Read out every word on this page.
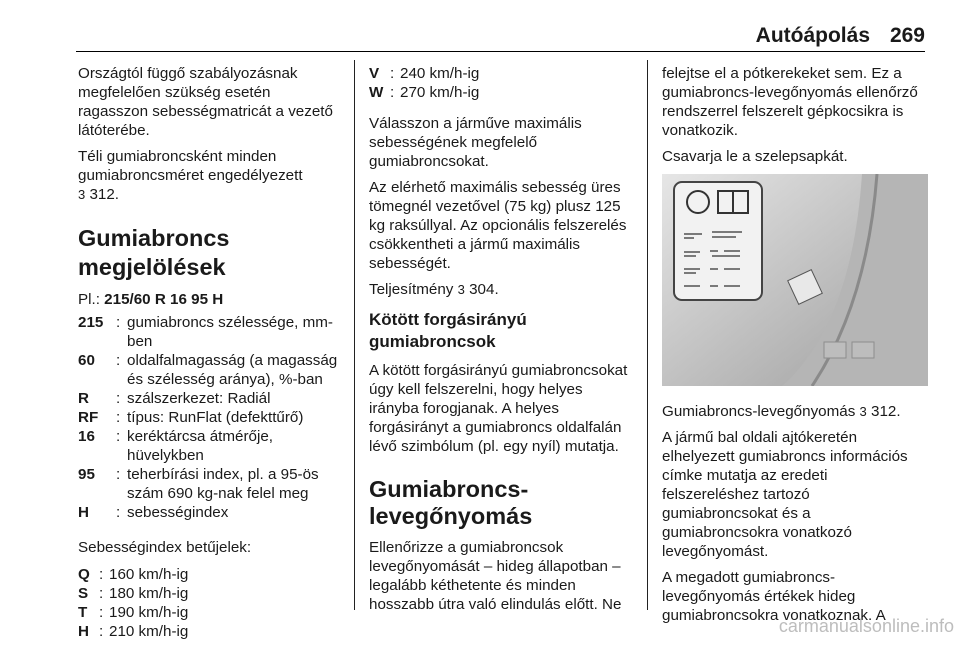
Autóápolás 269

Országtól függő szabályozásnak megfelelően szükség esetén ragasszon sebességmatricát a vezető látóterébe.

Téli gumiabroncsként minden gumiabroncsméret engedélyezett
3 312.

Gumiabroncs megjelölések

Pl.: 215/60 R 16 95 H

215 : gumiabroncs szélessége, mm-ben
60	: oldalfalmagasság (a magasság és szélesség aránya), %-ban
R	: szálszerkezet: Radiál
RF	: típus: RunFlat (defekttűrő)
16	: keréktárcsa átmérője, hüvelykben
95	: teherbírási index, pl. a 95-ös szám 690 kg-nak felel meg
H	: sebességindex

Sebességindex betűjelek:

Q : 160 km/h-ig
S : 180 km/h-ig
T : 190 km/h-ig
H : 210 km/h-ig
V : 240 km/h-ig
W : 270 km/h-ig

Válasszon a járműve maximális sebességének megfelelő gumiabroncsokat.

Az elérhető maximális sebesség üres tömegnél vezetővel (75 kg) plusz 125 kg raksúllyal. Az opcionális felszerelés csökkentheti a jármű maximális sebességét.

Teljesítmény 3 304.

Kötött forgásirányú gumiabroncsok

A kötött forgásirányú gumiabroncsokat úgy kell felszerelni, hogy helyes irányba forogjanak. A helyes forgásirányt a gumiabroncs oldalfalán lévő szimbólum (pl. egy nyíl) mutatja.

Gumiabroncs-levegőnyomás

Ellenőrizze a gumiabroncsok levegőnyomását – hideg állapotban – legalább kéthetente és minden hosszabb útra való elindulás előtt. Ne

felejtse el a pótkerekeket sem. Ez a gumiabroncs-levegőnyomás ellenőrző rendszerrel felszerelt gépkocsikra is vonatkozik.

Csavarja le a szelepsapkát.

Gumiabroncs-levegőnyomás 3 312.

A jármű bal oldali ajtókeretén elhelyezett gumiabroncs információs címke mutatja az eredeti felszereléshez tartozó gumiabroncsokat és a gumiabroncsokra vonatkozó levegőnyomást.

A megadott gumiabroncs-levegőnyomás értékek hideg gumiabroncsokra vonatkoznak. A

carmanualsonline.info
